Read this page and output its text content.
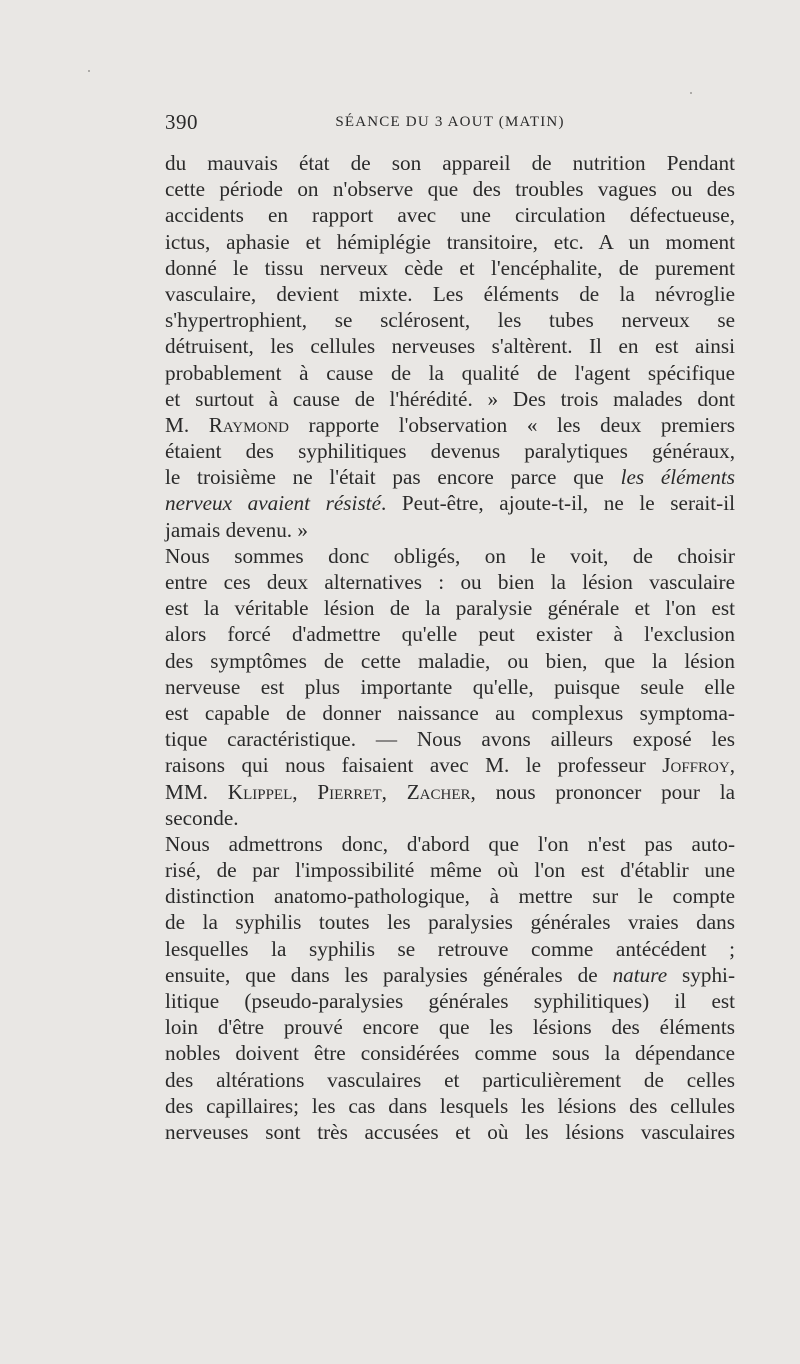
390	SÉANCE DU 3 AOUT (MATIN)
du mauvais état de son appareil de nutrition Pendant
cette période on n'observe que des troubles vagues ou des
accidents en rapport avec une circulation défectueuse,
ictus, aphasie et hémiplégie transitoire, etc. A un moment
donné le tissu nerveux cède et l'encéphalite, de purement
vasculaire, devient mixte. Les éléments de la névroglie
s'hypertrophient, se sclérosent, les tubes nerveux se
détruisent, les cellules nerveuses s'altèrent. Il en est ainsi
probablement à cause de la qualité de l'agent spécifique
et surtout à cause de l'hérédité. » Des trois malades dont
M. Raymond rapporte l'observation « les deux premiers
étaient des syphilitiques devenus paralytiques généraux,
le troisième ne l'était pas encore parce que les éléments
nerveux avaient résisté. Peut-être, ajoute-t-il, ne le serait-il
jamais devenu. »
Nous sommes donc obligés, on le voit, de choisir
entre ces deux alternatives : ou bien la lésion vasculaire
est la véritable lésion de la paralysie générale et l'on est
alors forcé d'admettre qu'elle peut exister à l'exclusion
des symptômes de cette maladie, ou bien, que la lésion
nerveuse est plus importante qu'elle, puisque seule elle
est capable de donner naissance au complexus symptoma-
tique caractéristique. — Nous avons ailleurs exposé les
raisons qui nous faisaient avec M. le professeur Joffroy,
MM. Klippel, Pierret, Zacher, nous prononcer pour la
seconde.
Nous admettrons donc, d'abord que l'on n'est pas auto-
risé, de par l'impossibilité même où l'on est d'établir une
distinction anatomo-pathologique, à mettre sur le compte
de la syphilis toutes les paralysies générales vraies dans
lesquelles la syphilis se retrouve comme antécédent ;
ensuite, que dans les paralysies générales de nature syphi-
litique (pseudo-paralysies générales syphilitiques) il est
loin d'être prouvé encore que les lésions des éléments
nobles doivent être considérées comme sous la dépendance
des altérations vasculaires et particulièrement de celles
des capillaires; les cas dans lesquels les lésions des cellules
nerveuses sont très accusées et où les lésions vasculaires
